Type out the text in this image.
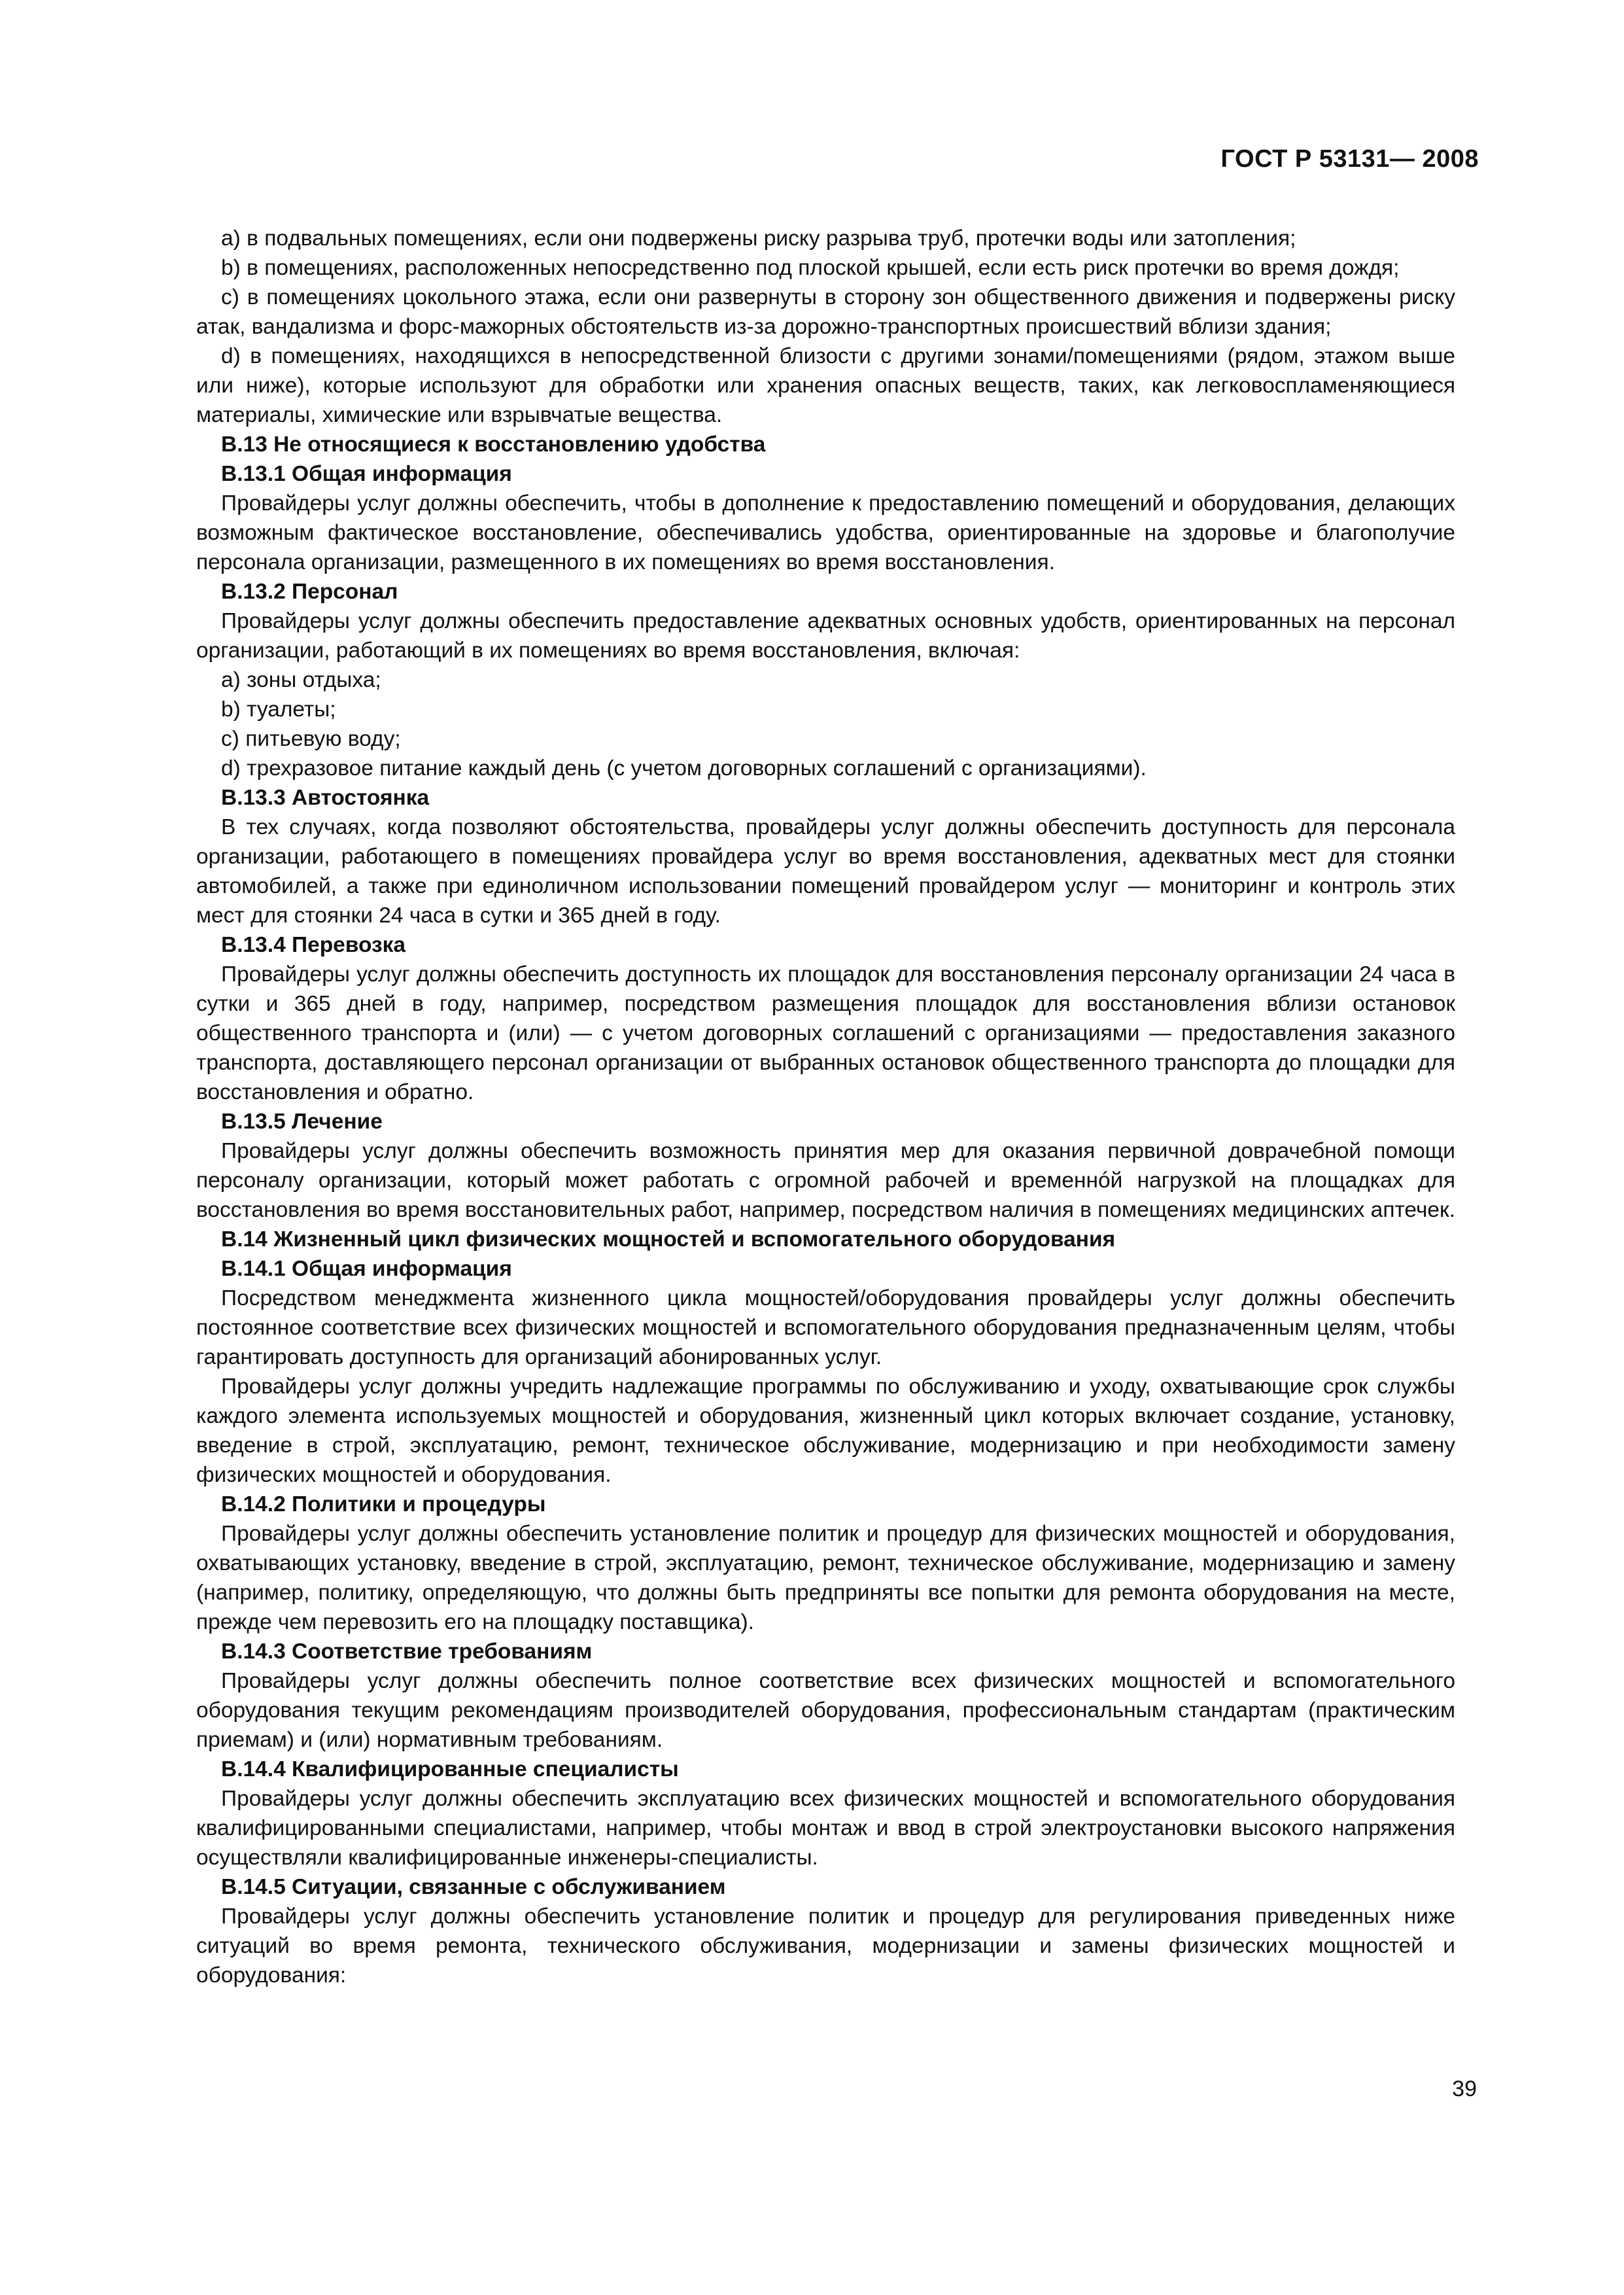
ГОСТ Р 53131— 2008

a) в подвальных помещениях, если они подвержены риску разрыва труб, протечки воды или затопления;

b) в помещениях, расположенных непосредственно под плоской крышей, если есть риск протечки во время дождя;

c) в помещениях цокольного этажа, если они развернуты в сторону зон общественного движения и подвержены риску атак, вандализма и форс-мажорных обстоятельств из-за дорожно-транспортных происшествий вблизи здания;

d) в помещениях, находящихся в непосредственной близости с другими зонами/помещениями (рядом, этажом выше или ниже), которые используют для обработки или хранения опасных веществ, таких, как легковоспламеняющиеся материалы, химические или взрывчатые вещества.

В.13 Не относящиеся к восстановлению удобства

В.13.1 Общая информация

Провайдеры услуг должны обеспечить, чтобы в дополнение к предоставлению помещений и оборудования, делающих возможным фактическое восстановление, обеспечивались удобства, ориентированные на здоровье и благополучие персонала организации, размещенного в их помещениях во время восстановления.

В.13.2 Персонал

Провайдеры услуг должны обеспечить предоставление адекватных основных удобств, ориентированных на персонал организации, работающий в их помещениях во время восстановления, включая:

a) зоны отдыха;

b) туалеты;

c) питьевую воду;

d) трехразовое питание каждый день (с учетом договорных соглашений с организациями).

В.13.3 Автостоянка

В тех случаях, когда позволяют обстоятельства, провайдеры услуг должны обеспечить доступность для персонала организации, работающего в помещениях провайдера услуг во время восстановления, адекватных мест для стоянки автомобилей, а также при единоличном использовании помещений провайдером услуг — мониторинг и контроль этих мест для стоянки 24 часа в сутки и 365 дней в году.

В.13.4 Перевозка

Провайдеры услуг должны обеспечить доступность их площадок для восстановления персоналу организации 24 часа в сутки и 365 дней в году, например, посредством размещения площадок для восстановления вблизи остановок общественного транспорта и (или) — с учетом договорных соглашений с организациями — предоставления заказного транспорта, доставляющего персонал организации от выбранных остановок общественного транспорта до площадки для восстановления и обратно.

В.13.5 Лечение

Провайдеры услуг должны обеспечить возможность принятия мер для оказания первичной доврачебной помощи персоналу организации, который может работать с огромной рабочей и временнóй нагрузкой на площадках для восстановления во время восстановительных работ, например, посредством наличия в помещениях медицинских аптечек.

В.14 Жизненный цикл физических мощностей и вспомогательного оборудования

В.14.1 Общая информация

Посредством менеджмента жизненного цикла мощностей/оборудования провайдеры услуг должны обеспечить постоянное соответствие всех физических мощностей и вспомогательного оборудования предназначенным целям, чтобы гарантировать доступность для организаций абонированных услуг.

Провайдеры услуг должны учредить надлежащие программы по обслуживанию и уходу, охватывающие срок службы каждого элемента используемых мощностей и оборудования, жизненный цикл которых включает создание, установку, введение в строй, эксплуатацию, ремонт, техническое обслуживание, модернизацию и при необходимости замену физических мощностей и оборудования.

В.14.2 Политики и процедуры

Провайдеры услуг должны обеспечить установление политик и процедур для физических мощностей и оборудования, охватывающих установку, введение в строй, эксплуатацию, ремонт, техническое обслуживание, модернизацию и замену (например, политику, определяющую, что должны быть предприняты все попытки для ремонта оборудования на месте, прежде чем перевозить его на площадку поставщика).

В.14.3 Соответствие требованиям

Провайдеры услуг должны обеспечить полное соответствие всех физических мощностей и вспомогательного оборудования текущим рекомендациям производителей оборудования, профессиональным стандартам (практическим приемам) и (или) нормативным требованиям.

В.14.4 Квалифицированные специалисты

Провайдеры услуг должны обеспечить эксплуатацию всех физических мощностей и вспомогательного оборудования квалифицированными специалистами, например, чтобы монтаж и ввод в строй электроустановки высокого напряжения осуществляли квалифицированные инженеры-специалисты.

В.14.5 Ситуации, связанные с обслуживанием

Провайдеры услуг должны обеспечить установление политик и процедур для регулирования приведенных ниже ситуаций во время ремонта, технического обслуживания, модернизации и замены физических мощностей и оборудования:

39
